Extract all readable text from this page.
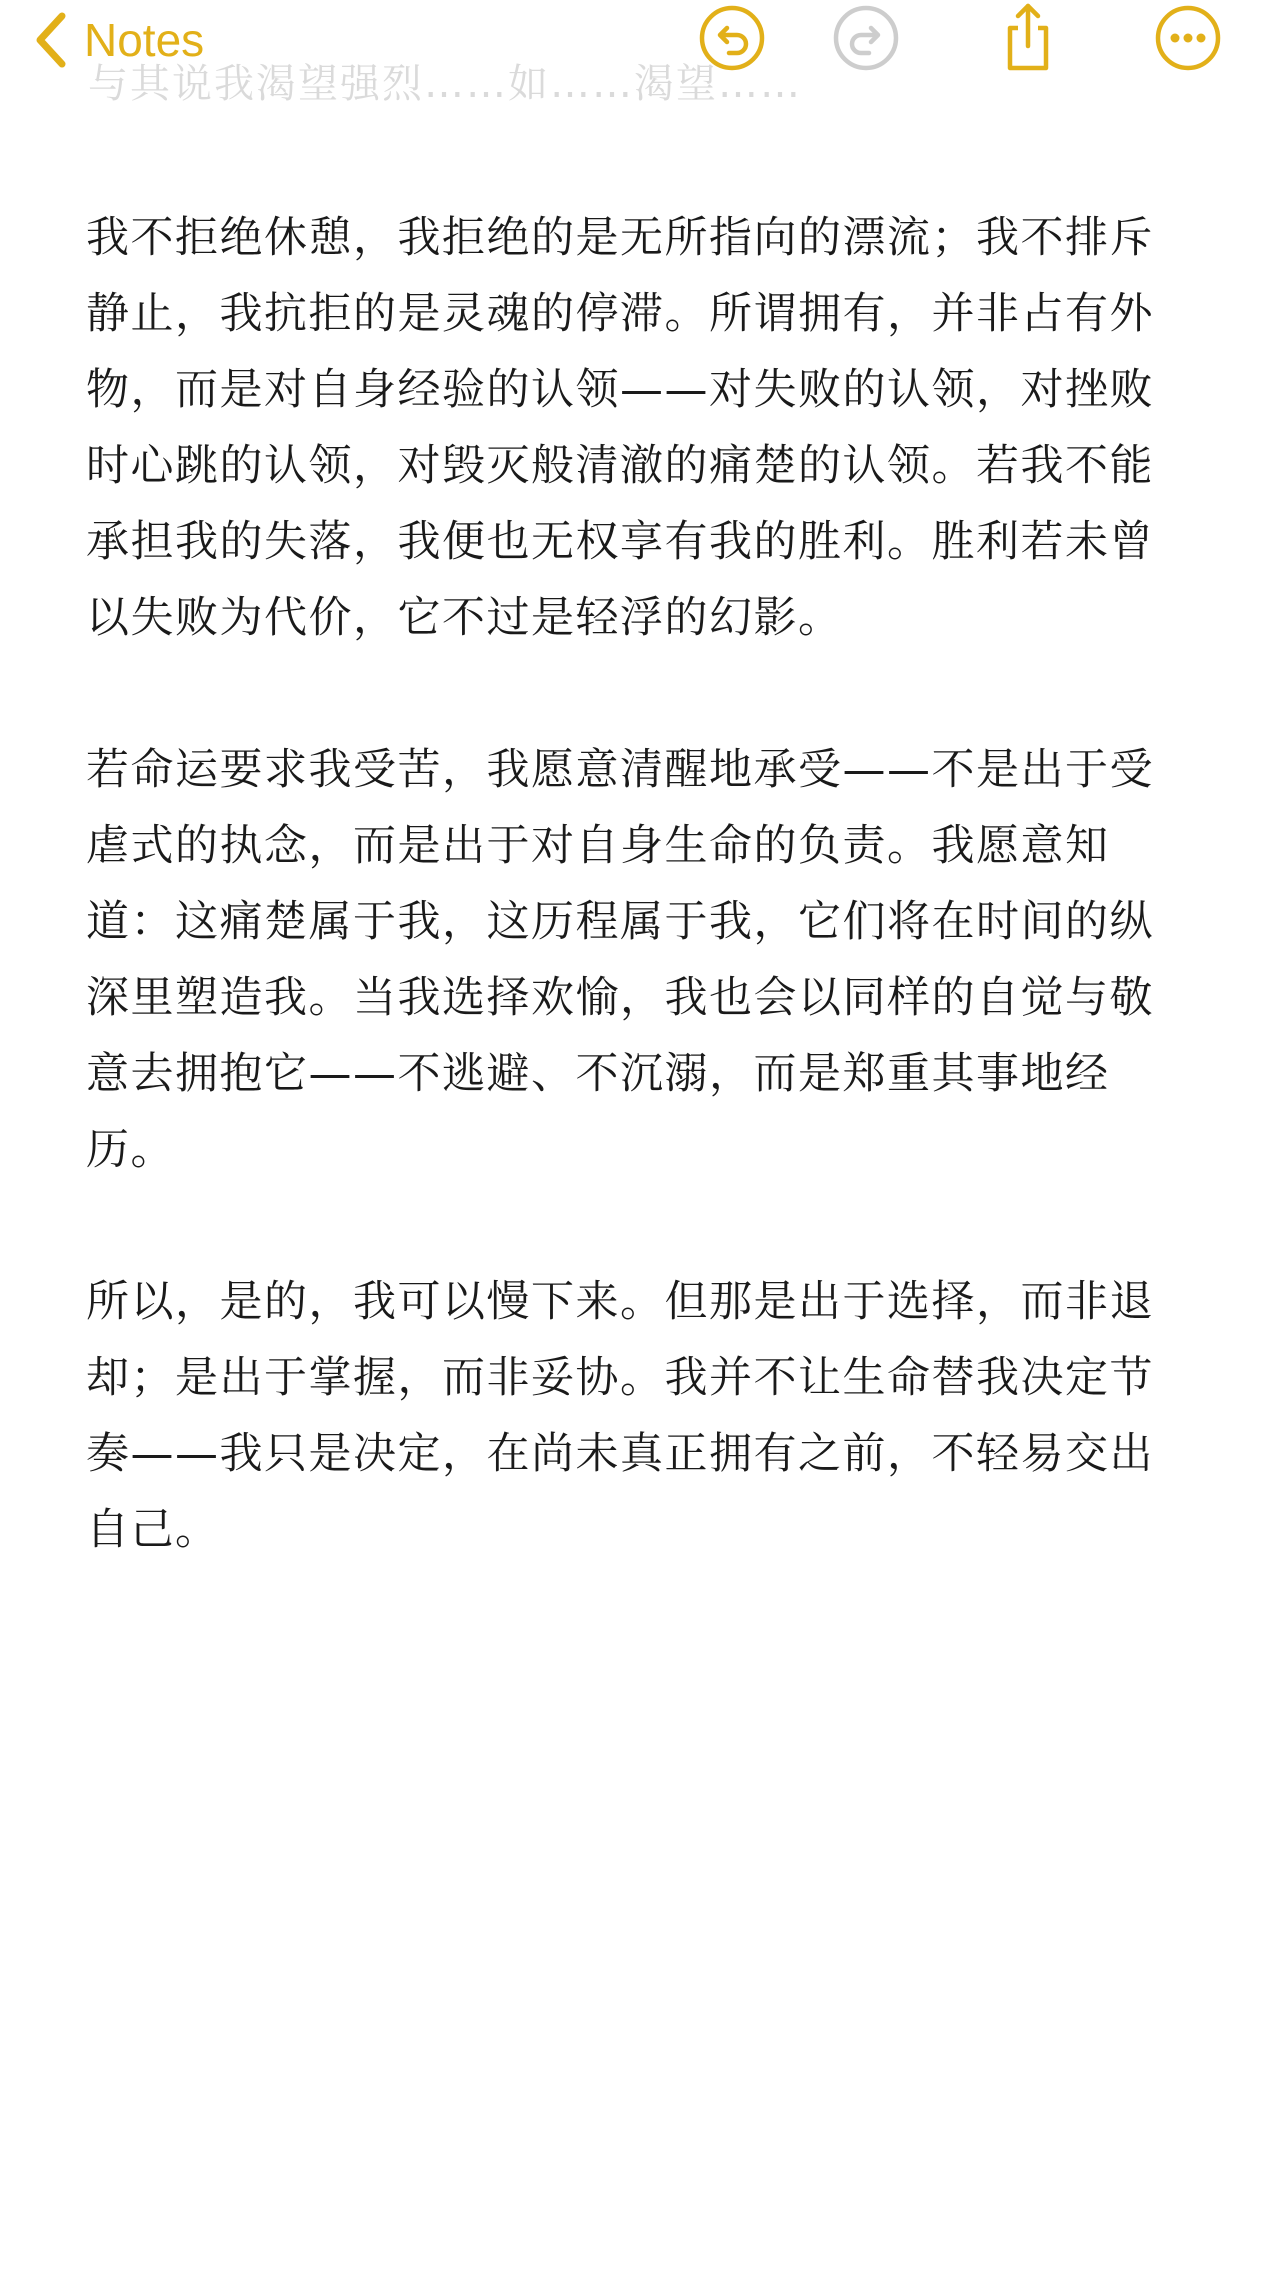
与其说我渴望强烈……如……渴望……
Notes

我不拒绝休憩，我拒绝的是无所指向的漂流；我不排斥静止，我抗拒的是灵魂的停滞。所谓拥有，并非占有外物，而是对自身经验的认领——对失败的认领，对挫败时心跳的认领，对毁灭般清澈的痛楚的认领。若我不能承担我的失落，我便也无权享有我的胜利。胜利若未曾以失败为代价，它不过是轻浮的幻影。

若命运要求我受苦，我愿意清醒地承受——不是出于受虐式的执念，而是出于对自身生命的负责。我愿意知道：这痛楚属于我，这历程属于我，它们将在时间的纵深里塑造我。当我选择欢愉，我也会以同样的自觉与敬意去拥抱它——不逃避、不沉溺，而是郑重其事地经历。

所以，是的，我可以慢下来。但那是出于选择，而非退却；是出于掌握，而非妥协。我并不让生命替我决定节奏——我只是决定，在尚未真正拥有之前，不轻易交出自己。
